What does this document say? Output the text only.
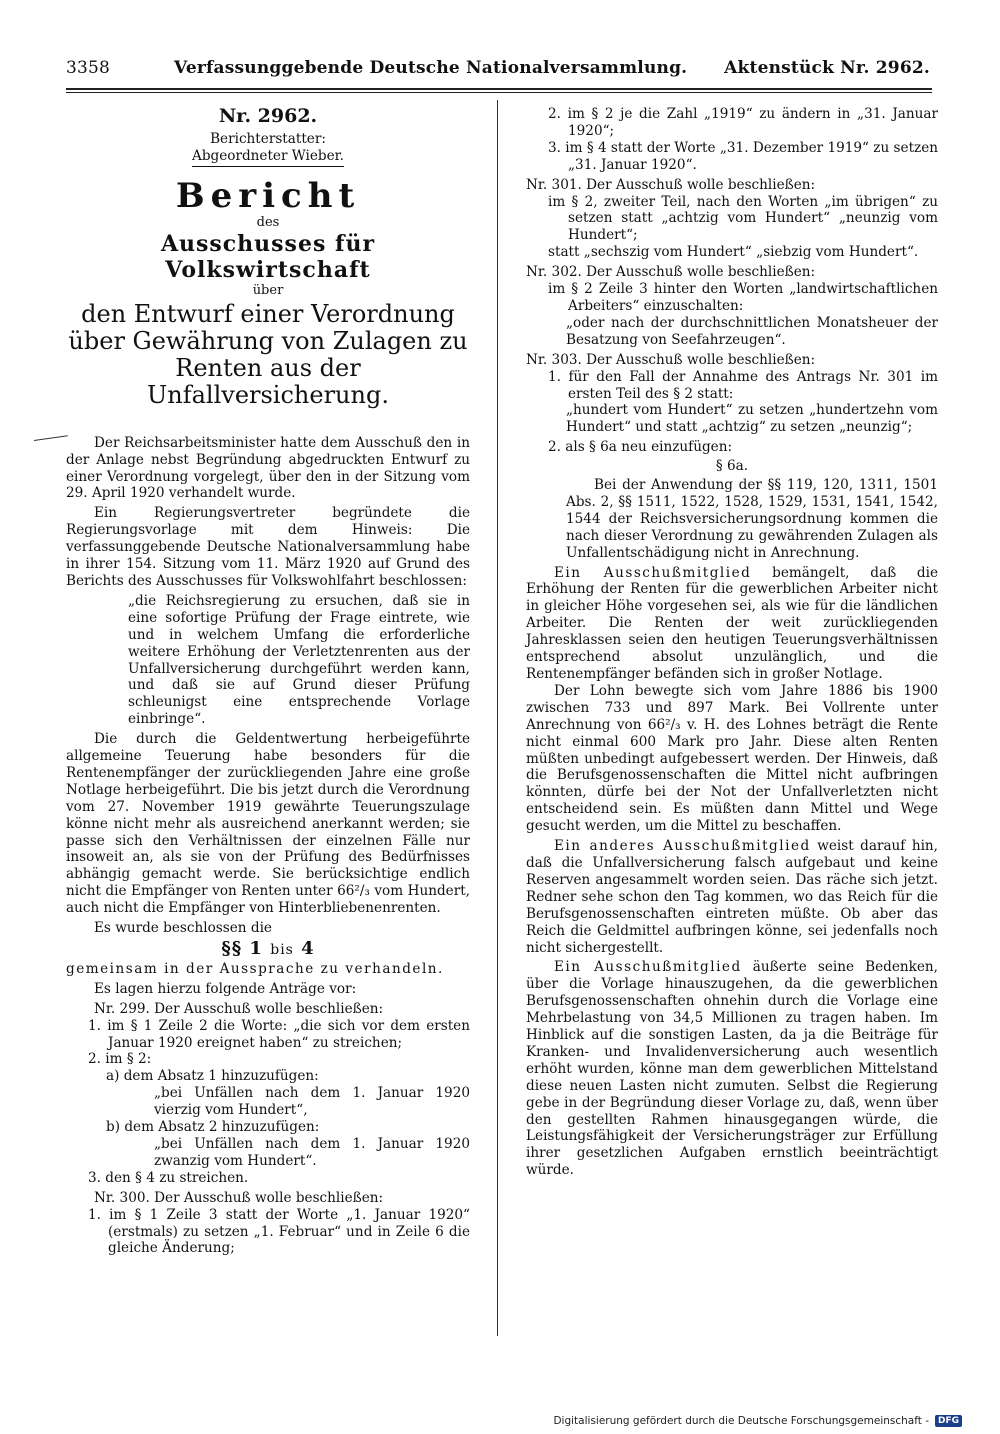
3358	Verfassunggebende Deutsche Nationalversammlung. Aktenstück Nr. 2962.

Nr. 2962.

Berichterstatter:

Abgeordneter Wieber.

Bericht

des

Ausschusses für Volkswirtschaft

über

den Entwurf einer Verordnung über Gewährung von Zulagen zu Renten aus der Unfallversicherung.

Der Reichsarbeitsminister hatte dem Ausschuß den in der Anlage nebst Begründung abgedruckten Entwurf zu einer Verordnung vorgelegt, über den in der Sitzung vom 29. April 1920 verhandelt wurde.

Ein Regierungsvertreter begründete die Regierungsvorlage mit dem Hinweis: Die verfassunggebende Deutsche Nationalversammlung habe in ihrer 154. Sitzung vom 11. März 1920 auf Grund des Berichts des Ausschusses für Volkswohlfahrt beschlossen:

„die Reichsregierung zu ersuchen, daß sie in eine sofortige Prüfung der Frage eintrete, wie und in welchem Umfang die erforderliche weitere Erhöhung der Verletztenrenten aus der Unfallversicherung durchgeführt werden kann, und daß sie auf Grund dieser Prüfung schleunigst eine entsprechende Vorlage einbringe“.

Die durch die Geldentwertung herbeigeführte allgemeine Teuerung habe besonders für die Rentenempfänger der zurückliegenden Jahre eine große Notlage herbeigeführt. Die bis jetzt durch die Verordnung vom 27. November 1919 gewährte Teuerungszulage könne nicht mehr als ausreichend anerkannt werden; sie passe sich den Verhältnissen der einzelnen Fälle nur insoweit an, als sie von der Prüfung des Bedürfnisses abhängig gemacht werde. Sie berücksichtige endlich nicht die Empfänger von Renten unter 66²/₃ vom Hundert, auch nicht die Empfänger von Hinterbliebenenrenten.

Es wurde beschlossen die

§§ 1 bis 4

gemeinsam in der Aussprache zu verhandeln.

Es lagen hierzu folgende Anträge vor:

Nr. 299. Der Ausschuß wolle beschließen:

1. im § 1 Zeile 2 die Worte: „die sich vor dem ersten Januar 1920 ereignet haben“ zu streichen;

2. im § 2:

a) dem Absatz 1 hinzuzufügen:

„bei Unfällen nach dem 1. Januar 1920 vierzig vom Hundert“,

b) dem Absatz 2 hinzuzufügen:

„bei Unfällen nach dem 1. Januar 1920 zwanzig vom Hundert“.

3. den § 4 zu streichen.

Nr. 300. Der Ausschuß wolle beschließen:

1. im § 1 Zeile 3 statt der Worte „1. Januar 1920“ (erstmals) zu setzen „1. Februar“ und in Zeile 6 die gleiche Änderung;

2. im § 2 je die Zahl „1919“ zu ändern in „31. Januar 1920“;

3. im § 4 statt der Worte „31. Dezember 1919“ zu setzen „31. Januar 1920“.

Nr. 301. Der Ausschuß wolle beschließen:

im § 2, zweiter Teil, nach den Worten „im übrigen“ zu setzen statt „achtzig vom Hundert“ „neunzig vom Hundert“;

statt „sechszig vom Hundert“ „siebzig vom Hundert“.

Nr. 302. Der Ausschuß wolle beschließen:

im § 2 Zeile 3 hinter den Worten „landwirtschaftlichen Arbeiters“ einzuschalten:

„oder nach der durchschnittlichen Monatsheuer der Besatzung von Seefahrzeugen“.

Nr. 303. Der Ausschuß wolle beschließen:

1. für den Fall der Annahme des Antrags Nr. 301 im ersten Teil des § 2 statt:

„hundert vom Hundert“ zu setzen „hundertzehn vom Hundert“ und statt „achtzig“ zu setzen „neunzig“;

2. als § 6a neu einzufügen:

§ 6a.

Bei der Anwendung der §§ 119, 120, 1311, 1501 Abs. 2, §§ 1511, 1522, 1528, 1529, 1531, 1541, 1542, 1544 der Reichsversicherungsordnung kommen die nach dieser Verordnung zu gewährenden Zulagen als Unfallentschädigung nicht in Anrechnung.

Ein Ausschußmitglied bemängelt, daß die Erhöhung der Renten für die gewerblichen Arbeiter nicht in gleicher Höhe vorgesehen sei, als wie für die ländlichen Arbeiter. Die Renten der weit zurückliegenden Jahresklassen seien den heutigen Teuerungsverhältnissen entsprechend absolut unzulänglich, und die Rentenempfänger befänden sich in großer Notlage.

Der Lohn bewegte sich vom Jahre 1886 bis 1900 zwischen 733 und 897 Mark. Bei Vollrente unter Anrechnung von 66²/₃ v. H. des Lohnes beträgt die Rente nicht einmal 600 Mark pro Jahr. Diese alten Renten müßten unbedingt aufgebessert werden. Der Hinweis, daß die Berufsgenossenschaften die Mittel nicht aufbringen könnten, dürfe bei der Not der Unfallverletzten nicht entscheidend sein. Es müßten dann Mittel und Wege gesucht werden, um die Mittel zu beschaffen.

Ein anderes Ausschußmitglied weist darauf hin, daß die Unfallversicherung falsch aufgebaut und keine Reserven angesammelt worden seien. Das räche sich jetzt. Redner sehe schon den Tag kommen, wo das Reich für die Berufsgenossenschaften eintreten müßte. Ob aber das Reich die Geldmittel aufbringen könne, sei jedenfalls noch nicht sichergestellt.

Ein Ausschußmitglied äußerte seine Bedenken, über die Vorlage hinauszugehen, da die gewerblichen Berufsgenossenschaften ohnehin durch die Vorlage eine Mehrbelastung von 34,5 Millionen zu tragen haben. Im Hinblick auf die sonstigen Lasten, da ja die Beiträge für Kranken- und Invalidenversicherung auch wesentlich erhöht wurden, könne man dem gewerblichen Mittelstand diese neuen Lasten nicht zumuten. Selbst die Regierung gebe in der Begründung dieser Vorlage zu, daß, wenn über den gestellten Rahmen hinausgegangen würde, die Leistungsfähigkeit der Versicherungsträger zur Erfüllung ihrer gesetzlichen Aufgaben ernstlich beeinträchtigt würde.

Digitalisierung gefördert durch die Deutsche Forschungsgemeinschaft -	DFG
